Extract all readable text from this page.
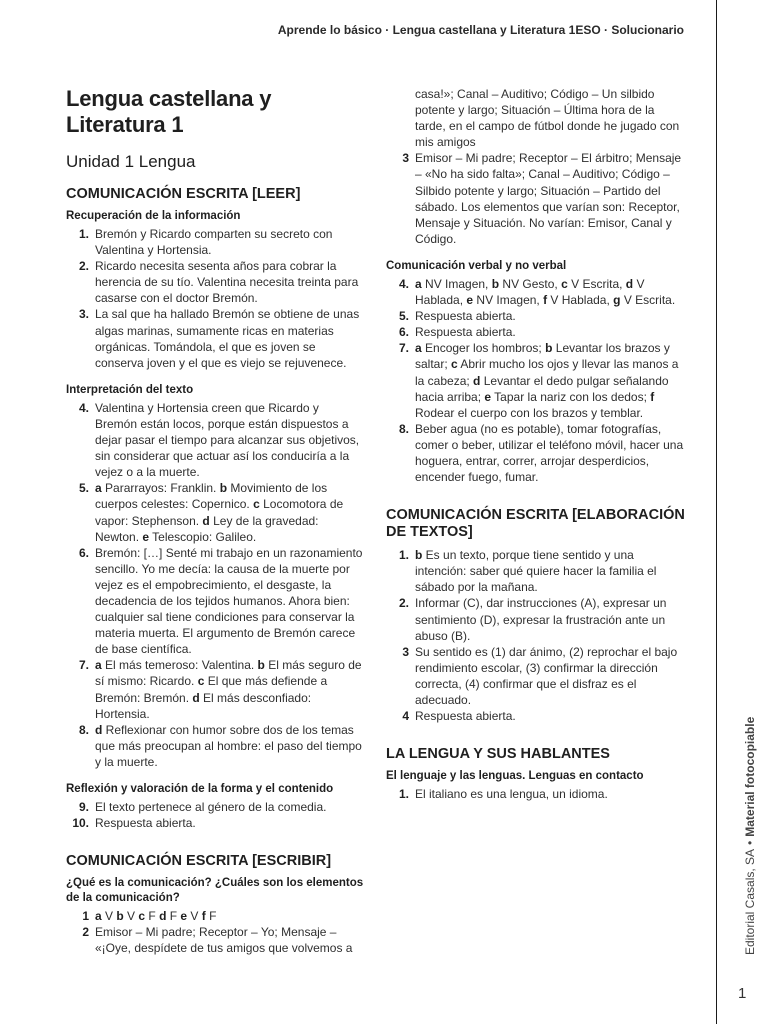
Aprende lo básico · Lengua castellana y Literatura 1ESO · Solucionario
Editorial Casals, SA•Material fotocopiable
1
Lengua castellana y Literatura 1
Unidad 1 Lengua
COMUNICACIÓN ESCRITA [LEER]
Recuperación de la información
1. Bremón y Ricardo comparten su secreto con Valentina y Hortensia.
2. Ricardo necesita sesenta años para cobrar la herencia de su tío. Valentina necesita treinta para casarse con el doctor Bremón.
3. La sal que ha hallado Bremón se obtiene de unas algas marinas, sumamente ricas en materias orgánicas. Tomándola, el que es joven se conserva joven y el que es viejo se rejuvenece.
Interpretación del texto
4. Valentina y Hortensia creen que Ricardo y Bremón están locos, porque están dispuestos a dejar pasar el tiempo para alcanzar sus objetivos, sin considerar que actuar así los conduciría a la vejez o a la muerte.
5. a Pararrayos: Franklin. b Movimiento de los cuerpos celestes: Copernico. c Locomotora de vapor: Stephenson. d Ley de la gravedad: Newton. e Telescopio: Galileo.
6. Bremón: […] Senté mi trabajo en un razonamiento sencillo. Yo me decía: la causa de la muerte por vejez es el empobrecimiento, el desgaste, la decadencia de los tejidos humanos. Ahora bien: cualquier sal tiene condiciones para conservar la materia muerta. El argumento de Bremón carece de base científica.
7. a El más temeroso: Valentina. b El más seguro de sí mismo: Ricardo. c El que más defiende a Bremón: Bremón. d El más desconfiado: Hortensia.
8. d Reflexionar con humor sobre dos de los temas que más preocupan al hombre: el paso del tiempo y la muerte.
Reflexión y valoración de la forma y el contenido
9. El texto pertenece al género de la comedia.
10. Respuesta abierta.
COMUNICACIÓN ESCRITA [ESCRIBIR]
¿Qué es la comunicación? ¿Cuáles son los elementos de la comunicación?
1 a V b V c F d F e V f F
2 Emisor – Mi padre; Receptor – Yo; Mensaje – «¡Oye, despídete de tus amigos que volvemos a
casa!»; Canal – Auditivo; Código – Un silbido potente y largo; Situación – Última hora de la tarde, en el campo de fútbol donde he jugado con mis amigos
3 Emisor – Mi padre; Receptor – El árbitro; Mensaje – «No ha sido falta»; Canal – Auditivo; Código – Silbido potente y largo; Situación – Partido del sábado. Los elementos que varían son: Receptor, Mensaje y Situación. No varían: Emisor, Canal y Código.
Comunicación verbal y no verbal
4. a NV Imagen, b NV Gesto, c V Escrita, d V Hablada, e NV Imagen, f V Hablada, g V Escrita.
5. Respuesta abierta.
6. Respuesta abierta.
7. a Encoger los hombros; b Levantar los brazos y saltar; c Abrir mucho los ojos y llevar las manos a la cabeza; d Levantar el dedo pulgar señalando hacia arriba; e Tapar la nariz con los dedos; f Rodear el cuerpo con los brazos y temblar.
8. Beber agua (no es potable), tomar fotografías, comer o beber, utilizar el teléfono móvil, hacer una hoguera, entrar, correr, arrojar desperdicios, encender fuego, fumar.
COMUNICACIÓN ESCRITA [ELABORACIÓN DE TEXTOS]
1. b Es un texto, porque tiene sentido y una intención: saber qué quiere hacer la familia el sábado por la mañana.
2. Informar (C), dar instrucciones (A), expresar un sentimiento (D), expresar la frustración ante un abuso (B).
3 Su sentido es (1) dar ánimo, (2) reprochar el bajo rendimiento escolar, (3) confirmar la dirección correcta, (4) confirmar que el disfraz es el adecuado.
4 Respuesta abierta.
LA LENGUA Y SUS HABLANTES
El lenguaje y las lenguas. Lenguas en contacto
1. El italiano es una lengua, un idioma.
